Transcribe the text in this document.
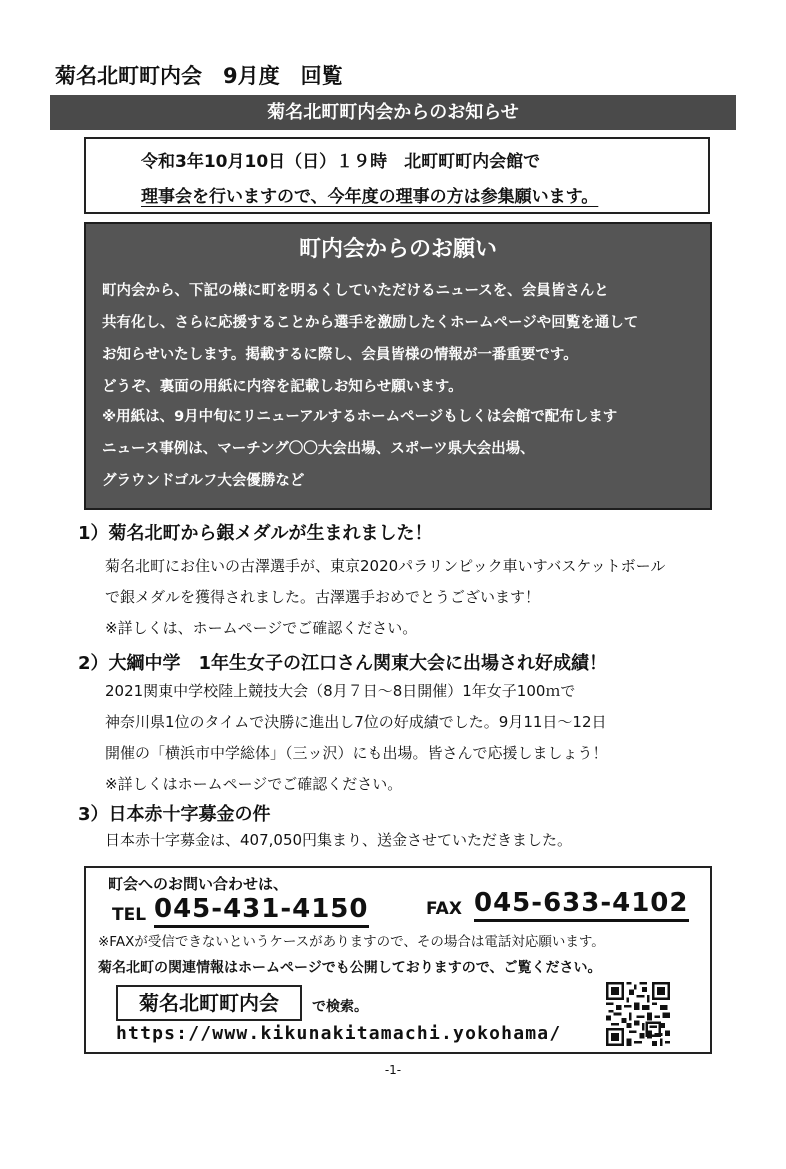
菊名北町町内会　9月度　回覧
菊名北町町内会からのお知らせ
令和3年10月10日（日）１９時　北町町町内会館で
理事会を行いますので、今年度の理事の方は参集願います。
町内会からのお願い
町内会から、下記の様に町を明るくしていただけるニュースを、会員皆さんと
共有化し、さらに応援することから選手を激励したくホームページや回覧を通して
お知らせいたします。掲載するに際し、会員皆様の情報が一番重要です。
どうぞ、裏面の用紙に内容を記載しお知らせ願います。
※用紙は、9月中旬にリニューアルするホームページもしくは会館で配布します
ニュース事例は、マーチング〇〇大会出場、スポーツ県大会出場、
グラウンドゴルフ大会優勝など
1）菊名北町から銀メダルが生まれました！
菊名北町にお住いの古澤選手が、東京2020パラリンピック車いすバスケットボール
で銀メダルを獲得されました。古澤選手おめでとうございます！
※詳しくは、ホームページでご確認ください。
2）大綱中学　1年生女子の江口さん関東大会に出場され好成績！
2021関東中学校陸上競技大会（8月７日～8日開催）1年女子100ｍで
神奈川県1位のタイムで決勝に進出し7位の好成績でした。9月11日～12日
開催の「横浜市中学総体」（三ッ沢）にも出場。皆さんで応援しましょう！
※詳しくはホームページでご確認ください。
3）日本赤十字募金の件
日本赤十字募金は、407,050円集まり、送金させていただきました。
町会へのお問い合わせは、
TEL 045-431-4150	FAX 045-633-4102
※FAXが受信できないというケースがありますので、その場合は電話対応願います。
菊名北町の関連情報はホームページでも公開しておりますので、ご覧ください。
菊名北町町内会	で検索。
https://www.kikunakitamachi.yokohama/
-1-
